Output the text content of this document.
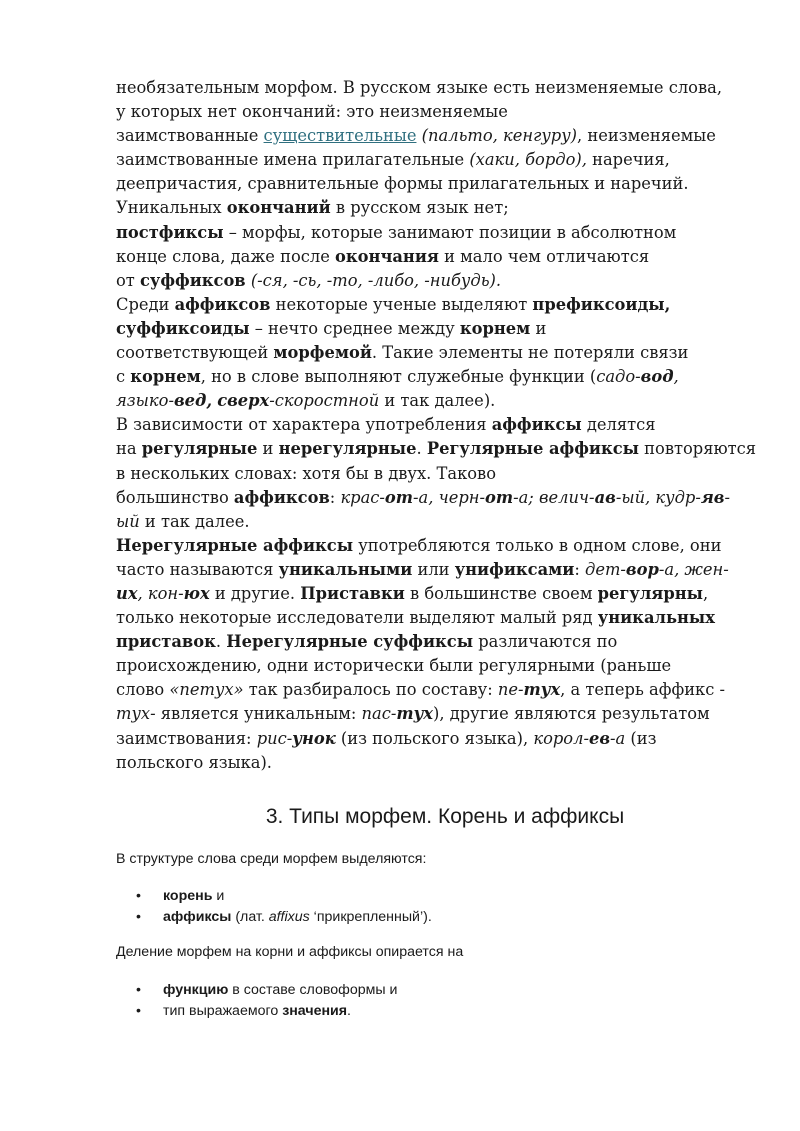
необязательным морфом. В русском языке есть неизменяемые слова,
у которых нет окончаний: это неизменяемые
заимствованные существительные (пальто, кенгуру), неизменяемые
заимствованные имена прилагательные (хаки, бордо), наречия,
деепричастия, сравнительные формы прилагательных и наречий.
Уникальных окончаний в русском язык нет;
постфиксы – морфы, которые занимают позиции в абсолютном
конце слова, даже после окончания и мало чем отличаются
от суффиксов (-ся, -сь, -то, -либо, -нибудь).
Среди аффиксов некоторые ученые выделяют префиксоиды,
суффиксоиды – нечто среднее между корнем и
соответствующей морфемой. Такие элементы не потеряли связи
с корнем, но в слове выполняют служебные функции (садо-вод,
языко-вед, сверх-скоростной и так далее).
В зависимости от характера употребления аффиксы делятся
на регулярные и нерегулярные. Регулярные аффиксы повторяются
в нескольких словах: хотя бы в двух. Таково
большинство аффиксов: крас-от-а, черн-от-а; велич-ав-ый, кудр-яв-
ый и так далее.
Нерегулярные аффиксы употребляются только в одном слове, они
часто называются уникальными или унификсами: дет-вор-а, жен-
их, кон-юх и другие. Приставки в большинстве своем регулярны,
только некоторые исследователи выделяют малый ряд уникальных
приставок. Нерегулярные суффиксы различаются по
происхождению, одни исторически были регулярными (раньше
слово «петух» так разбиралось по составу: пе-тух, а теперь аффикс -
тух- является уникальным: пас-тух), другие являются результатом
заимствования: рис-унок (из польского языка), корол-ев-а (из
польского языка).
3. Типы морфем. Корень и аффиксы
В структуре слова среди морфем выделяются:
• корень и
• аффиксы (лат. affixus ‘прикрепленный’).
Деление морфем на корни и аффиксы опирается на
• функцию в составе словоформы и
• тип выражаемого значения.
